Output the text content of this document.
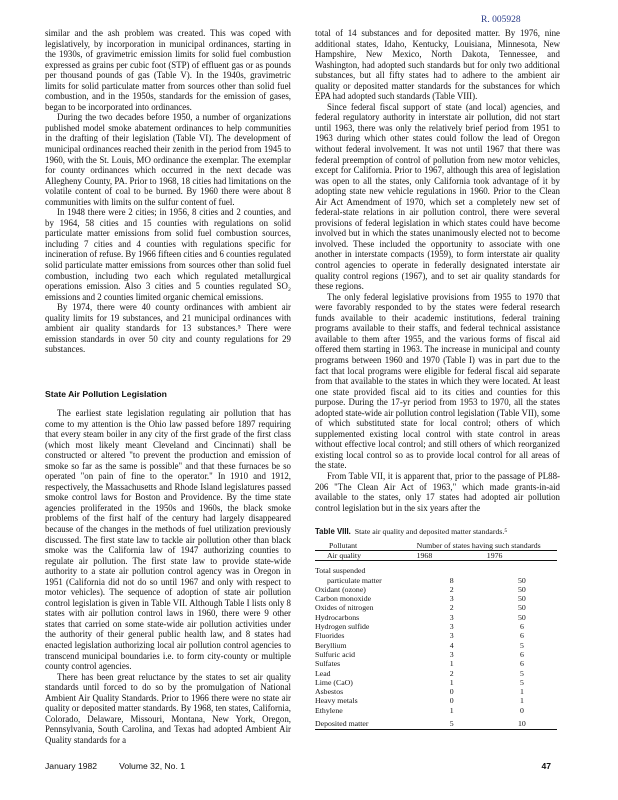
R. 005928

similar and the ash problem was created. This was coped with legislatively, by incorporation in municipal ordinances, starting in the 1930s, of gravimetric emission limits for solid fuel combustion expressed as grains per cubic foot (STP) of effluent gas or as pounds per thousand pounds of gas (Table V). In the 1940s, gravimetric limits for solid particulate matter from sources other than solid fuel combustion, and in the 1950s, standards for the emission of gases, began to be incorporated into ordinances.

During the two decades before 1950, a number of organizations published model smoke abatement ordinances to help communities in the drafting of their legislation (Table VI). The development of municipal ordinances reached their zenith in the period from 1945 to 1960, with the St. Louis, MO ordinance the exemplar. The exemplar for county ordinances which occurred in the next decade was Allegheny County, PA. Prior to 1968, 18 cities had limitations on the volatile content of coal to be burned. By 1960 there were about 8 communities with limits on the sulfur content of fuel.

In 1948 there were 2 cities; in 1956, 8 cities and 2 counties, and by 1964, 58 cities and 15 counties with regulations on solid particulate matter emissions from solid fuel combustion sources, including 7 cities and 4 counties with regulations specific for incineration of refuse. By 1966 fifteen cities and 6 counties regulated solid particulate matter emissions from sources other than solid fuel combustion, including two each which regulated metallurgical operations emission. Also 3 cities and 5 counties regulated SO₂ emissions and 2 counties limited organic chemical emissions.

By 1974, there were 40 county ordinances with ambient air quality limits for 19 substances, and 21 municipal ordinances with ambient air quality standards for 13 substances.⁵ There were emission standards in over 50 city and county regulations for 29 substances.

State Air Pollution Legislation

The earliest state legislation regulating air pollution that has come to my attention is the Ohio law passed before 1897 requiring that every steam boiler in any city of the first grade of the first class (which most likely meant Cleveland and Cincinnati) shall be constructed or altered "to prevent the production and emission of smoke so far as the same is possible" and that these furnaces be so operated "on pain of fine to the operator." In 1910 and 1912, respectively, the Massachusetts and Rhode Island legislatures passed smoke control laws for Boston and Providence. By the time state agencies proliferated in the 1950s and 1960s, the black smoke problems of the first half of the century had largely disappeared because of the changes in the methods of fuel utilization previously discussed. The first state law to tackle air pollution other than black smoke was the California law of 1947 authorizing counties to regulate air pollution. The first state law to provide state-wide authority to a state air pollution control agency was in Oregon in 1951 (California did not do so until 1967 and only with respect to motor vehicles). The sequence of adoption of state air pollution control legislation is given in Table VII. Although Table I lists only 8 states with air pollution control laws in 1960, there were 9 other states that carried on some state-wide air pollution activities under the authority of their general public health law, and 8 states had enacted legislation authorizing local air pollution control agencies to transcend municipal boundaries i.e. to form city-county or multiple county control agencies.

There has been great reluctance by the states to set air quality standards until forced to do so by the promulgation of National Ambient Air Quality Standards. Prior to 1966 there were no state air quality or deposited matter standards. By 1968, ten states, California, Colorado, Delaware, Missouri, Montana, New York, Oregon, Pennsylvania, South Carolina, and Texas had adopted Ambient Air Quality standards for a

total of 14 substances and for deposited matter. By 1976, nine additional states, Idaho, Kentucky, Louisiana, Minnesota, New Hampshire, New Mexico, North Dakota, Tennessee, and Washington, had adopted such standards but for only two additional substances, but all fifty states had to adhere to the ambient air quality or deposited matter standards for the substances for which EPA had adopted such standards (Table VIII).

Since federal fiscal support of state (and local) agencies, and federal regulatory authority in interstate air pollution, did not start until 1963, there was only the relatively brief period from 1951 to 1963 during which other states could follow the lead of Oregon without federal involvement. It was not until 1967 that there was federal preemption of control of pollution from new motor vehicles, except for California. Prior to 1967, although this area of legislation was open to all the states, only California took advantage of it by adopting state new vehicle regulations in 1960. Prior to the Clean Air Act Amendment of 1970, which set a completely new set of federal-state relations in air pollution control, there were several provisions of federal legislation in which states could have become involved but in which the states unanimously elected not to become involved. These included the opportunity to associate with one another in interstate compacts (1959), to form interstate air quality control agencies to operate in federally designated interstate air quality control regions (1967), and to set air quality standards for these regions.

The only federal legislative provisions from 1955 to 1970 that were favorably responded to by the states were federal research funds available to their academic institutions, federal training programs available to their staffs, and federal technical assistance available to them after 1955, and the various forms of fiscal aid offered them starting in 1963. The increase in municipal and county programs between 1960 and 1970 (Table I) was in part due to the fact that local programs were eligible for federal fiscal aid separate from that available to the states in which they were located. At least one state provided fiscal aid to its cities and counties for this purpose. During the 17-yr period from 1953 to 1970, all the states adopted state-wide air pollution control legislation (Table VII), some of which substituted state for local control; others of which supplemented existing local control with state control in areas without effective local control; and still others of which reorganized existing local control so as to provide local control for all areas of the state.

From Table VII, it is apparent that, prior to the passage of PL88-206 "The Clean Air Act of 1963," which made grants-in-aid available to the states, only 17 states had adopted air pollution control legislation but in the six years after the

Table VIII. State air quality and deposited matter standards.⁵
Pollutant	Number of states having such standards	
Air quality	1968	1976

Total suspended		
particulate matter	8	50
Oxidant (ozone)	2	50
Carbon monoxide	3	50
Oxides of nitrogen	2	50
Hydrocarbons	3	50
Hydrogen sulfide	3	6
Fluorides	3	6
Beryllium	4	5
Sulfuric acid	3	6
Sulfates	1	6
Lead	2	5
Lime (CaO)	1	5
Asbestos	0	1
Heavy metals	0	1
Ethylene	1	0

Deposited matter	5	10
January 1982	Volume 32, No. 1	47
